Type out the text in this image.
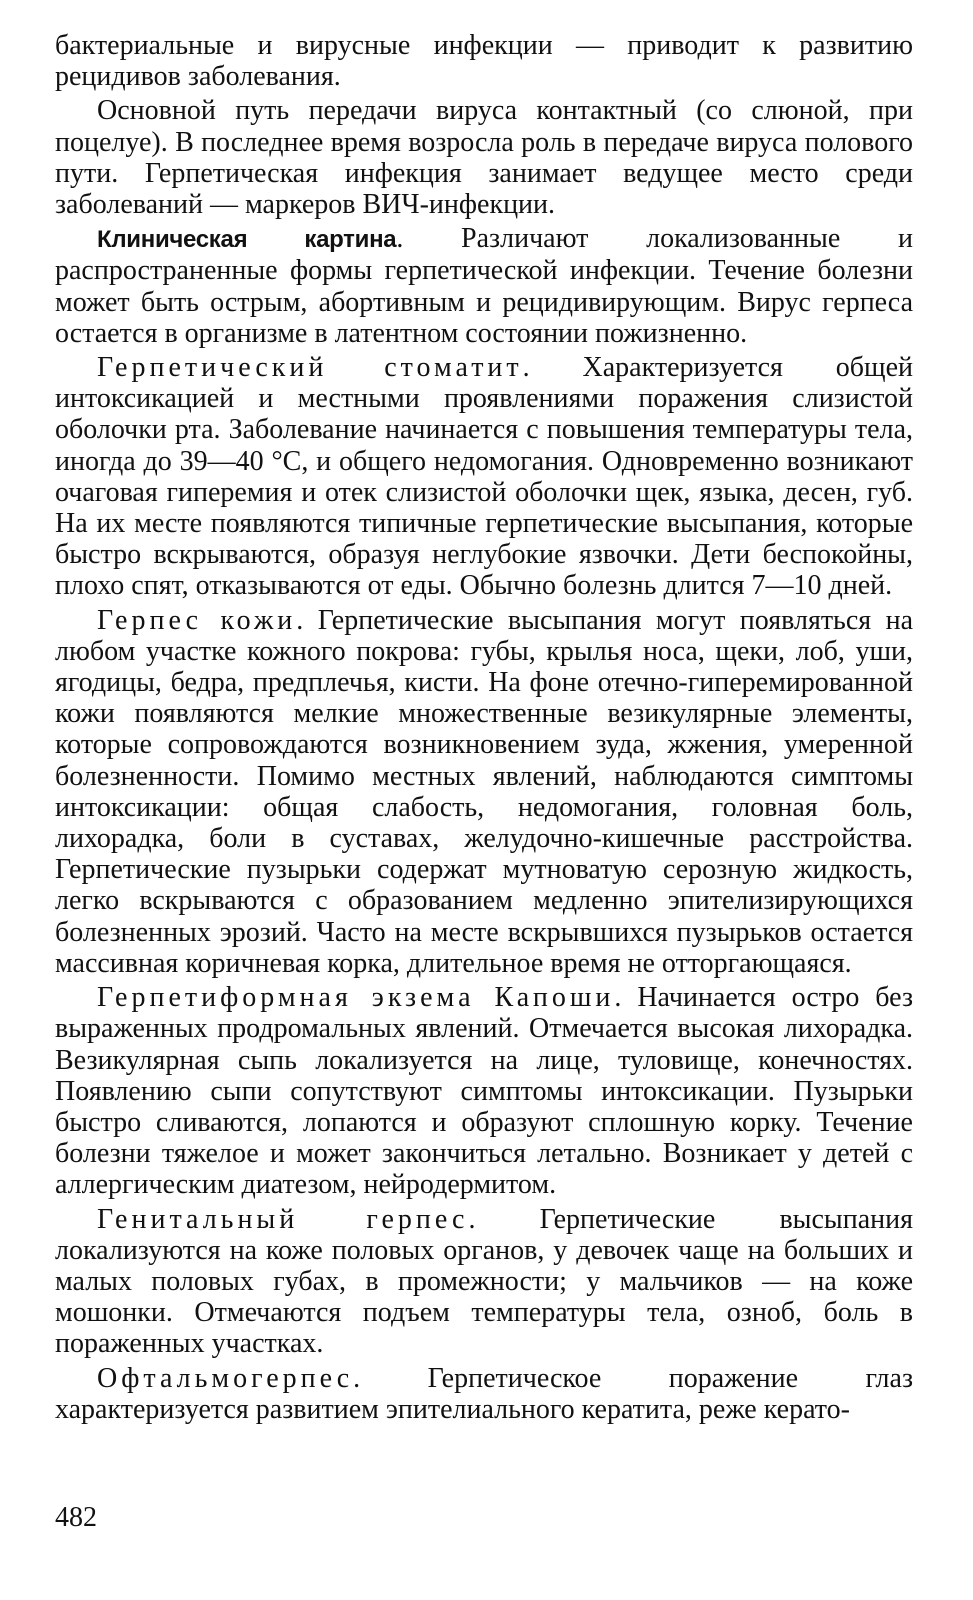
бактериальные и вирусные инфекции — приводит к развитию рецидивов заболевания.

Основной путь передачи вируса контактный (со слюной, при поцелуе). В последнее время возросла роль в передаче вируса полового пути. Герпетическая инфекция занимает ведущее место среди заболеваний — маркеров ВИЧ-инфекции.

Клиническая картина. Различают локализованные и распространенные формы герпетической инфекции. Течение болезни может быть острым, абортивным и рецидивирующим. Вирус герпеса остается в организме в латентном состоянии пожизненно.

Герпетический стоматит. Характеризуется общей интоксикацией и местными проявлениями поражения слизистой оболочки рта. Заболевание начинается с повышения температуры тела, иногда до 39—40 °С, и общего недомогания. Одновременно возникают очаговая гиперемия и отек слизистой оболочки щек, языка, десен, губ. На их месте появляются типичные герпетические высыпания, которые быстро вскрываются, образуя неглубокие язвочки. Дети беспокойны, плохо спят, отказываются от еды. Обычно болезнь длится 7—10 дней.

Герпес кожи. Герпетические высыпания могут появляться на любом участке кожного покрова: губы, крылья носа, щеки, лоб, уши, ягодицы, бедра, предплечья, кисти. На фоне отечно-гиперемированной кожи появляются мелкие множественные везикулярные элементы, которые сопровождаются возникновением зуда, жжения, умеренной болезненности. Помимо местных явлений, наблюдаются симптомы интоксикации: общая слабость, недомогания, головная боль, лихорадка, боли в суставах, желудочно-кишечные расстройства. Герпетические пузырьки содержат мутноватую серозную жидкость, легко вскрываются с образованием медленно эпителизирующихся болезненных эрозий. Часто на месте вскрывшихся пузырьков остается массивная коричневая корка, длительное время не отторгающаяся.

Герпетиформная экзема Капоши. Начинается остро без выраженных продромальных явлений. Отмечается высокая лихорадка. Везикулярная сыпь локализуется на лице, туловище, конечностях. Появлению сыпи сопутствуют симптомы интоксикации. Пузырьки быстро сливаются, лопаются и образуют сплошную корку. Течение болезни тяжелое и может закончиться летально. Возникает у детей с аллергическим диатезом, нейродермитом.

Генитальный герпес. Герпетические высыпания локализуются на коже половых органов, у девочек чаще на больших и малых половых губах, в промежности; у мальчиков — на коже мошонки. Отмечаются подъем температуры тела, озноб, боль в пораженных участках.

Офтальмогерпес. Герпетическое поражение глаз характеризуется развитием эпителиального кератита, реже керато-

482
